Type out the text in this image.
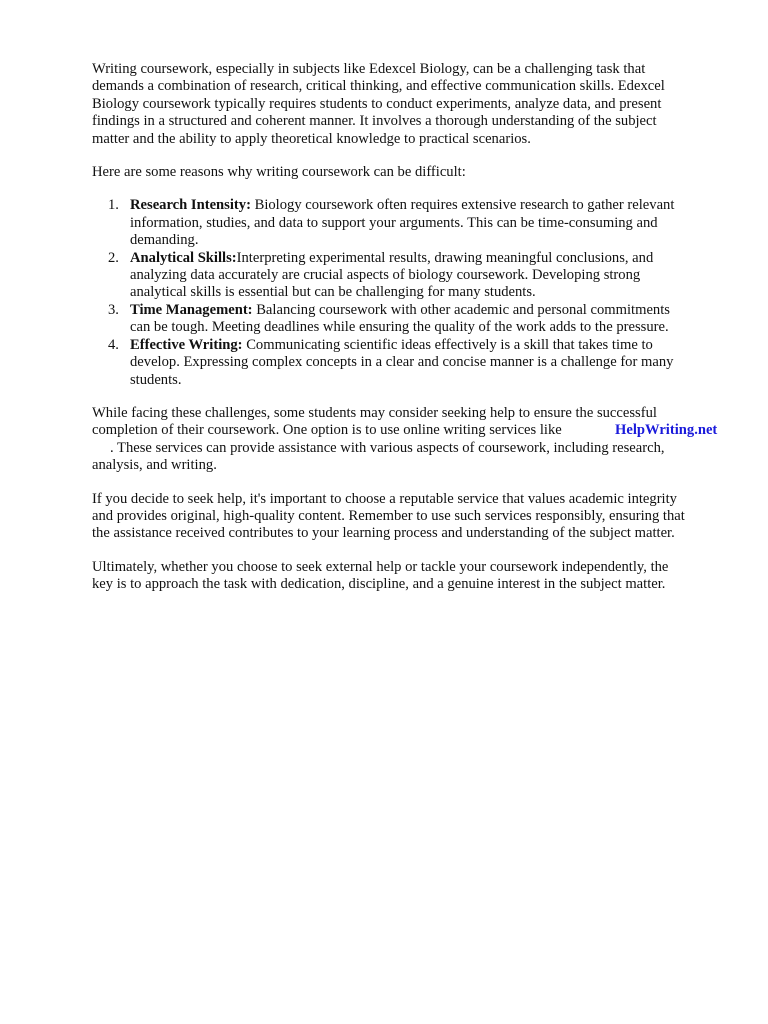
Writing coursework, especially in subjects like Edexcel Biology, can be a challenging task that
demands a combination of research, critical thinking, and effective communication skills. Edexcel
Biology coursework typically requires students to conduct experiments, analyze data, and present
findings in a structured and coherent manner. It involves a thorough understanding of the subject
matter and the ability to apply theoretical knowledge to practical scenarios.

Here are some reasons why writing coursework can be difficult:

1. Research Intensity: Biology coursework often requires extensive research to gather relevant
information, studies, and data to support your arguments. This can be time-consuming and
demanding.
2. Analytical Skills:Interpreting experimental results, drawing meaningful conclusions, and
analyzing data accurately are crucial aspects of biology coursework. Developing strong
analytical skills is essential but can be challenging for many students.
3. Time Management: Balancing coursework with other academic and personal commitments
can be tough. Meeting deadlines while ensuring the quality of the work adds to the pressure.
4. Effective Writing: Communicating scientific ideas effectively is a skill that takes time to
develop. Expressing complex concepts in a clear and concise manner is a challenge for many
students.

While facing these challenges, some students may consider seeking help to ensure the successful
completion of their coursework. One option is to use online writing services like	HelpWriting.net

. These services can provide assistance with various aspects of coursework, including research,
analysis, and writing.

If you decide to seek help, it's important to choose a reputable service that values academic integrity
and provides original, high-quality content. Remember to use such services responsibly, ensuring that
the assistance received contributes to your learning process and understanding of the subject matter.

Ultimately, whether you choose to seek external help or tackle your coursework independently, the
key is to approach the task with dedication, discipline, and a genuine interest in the subject matter.
